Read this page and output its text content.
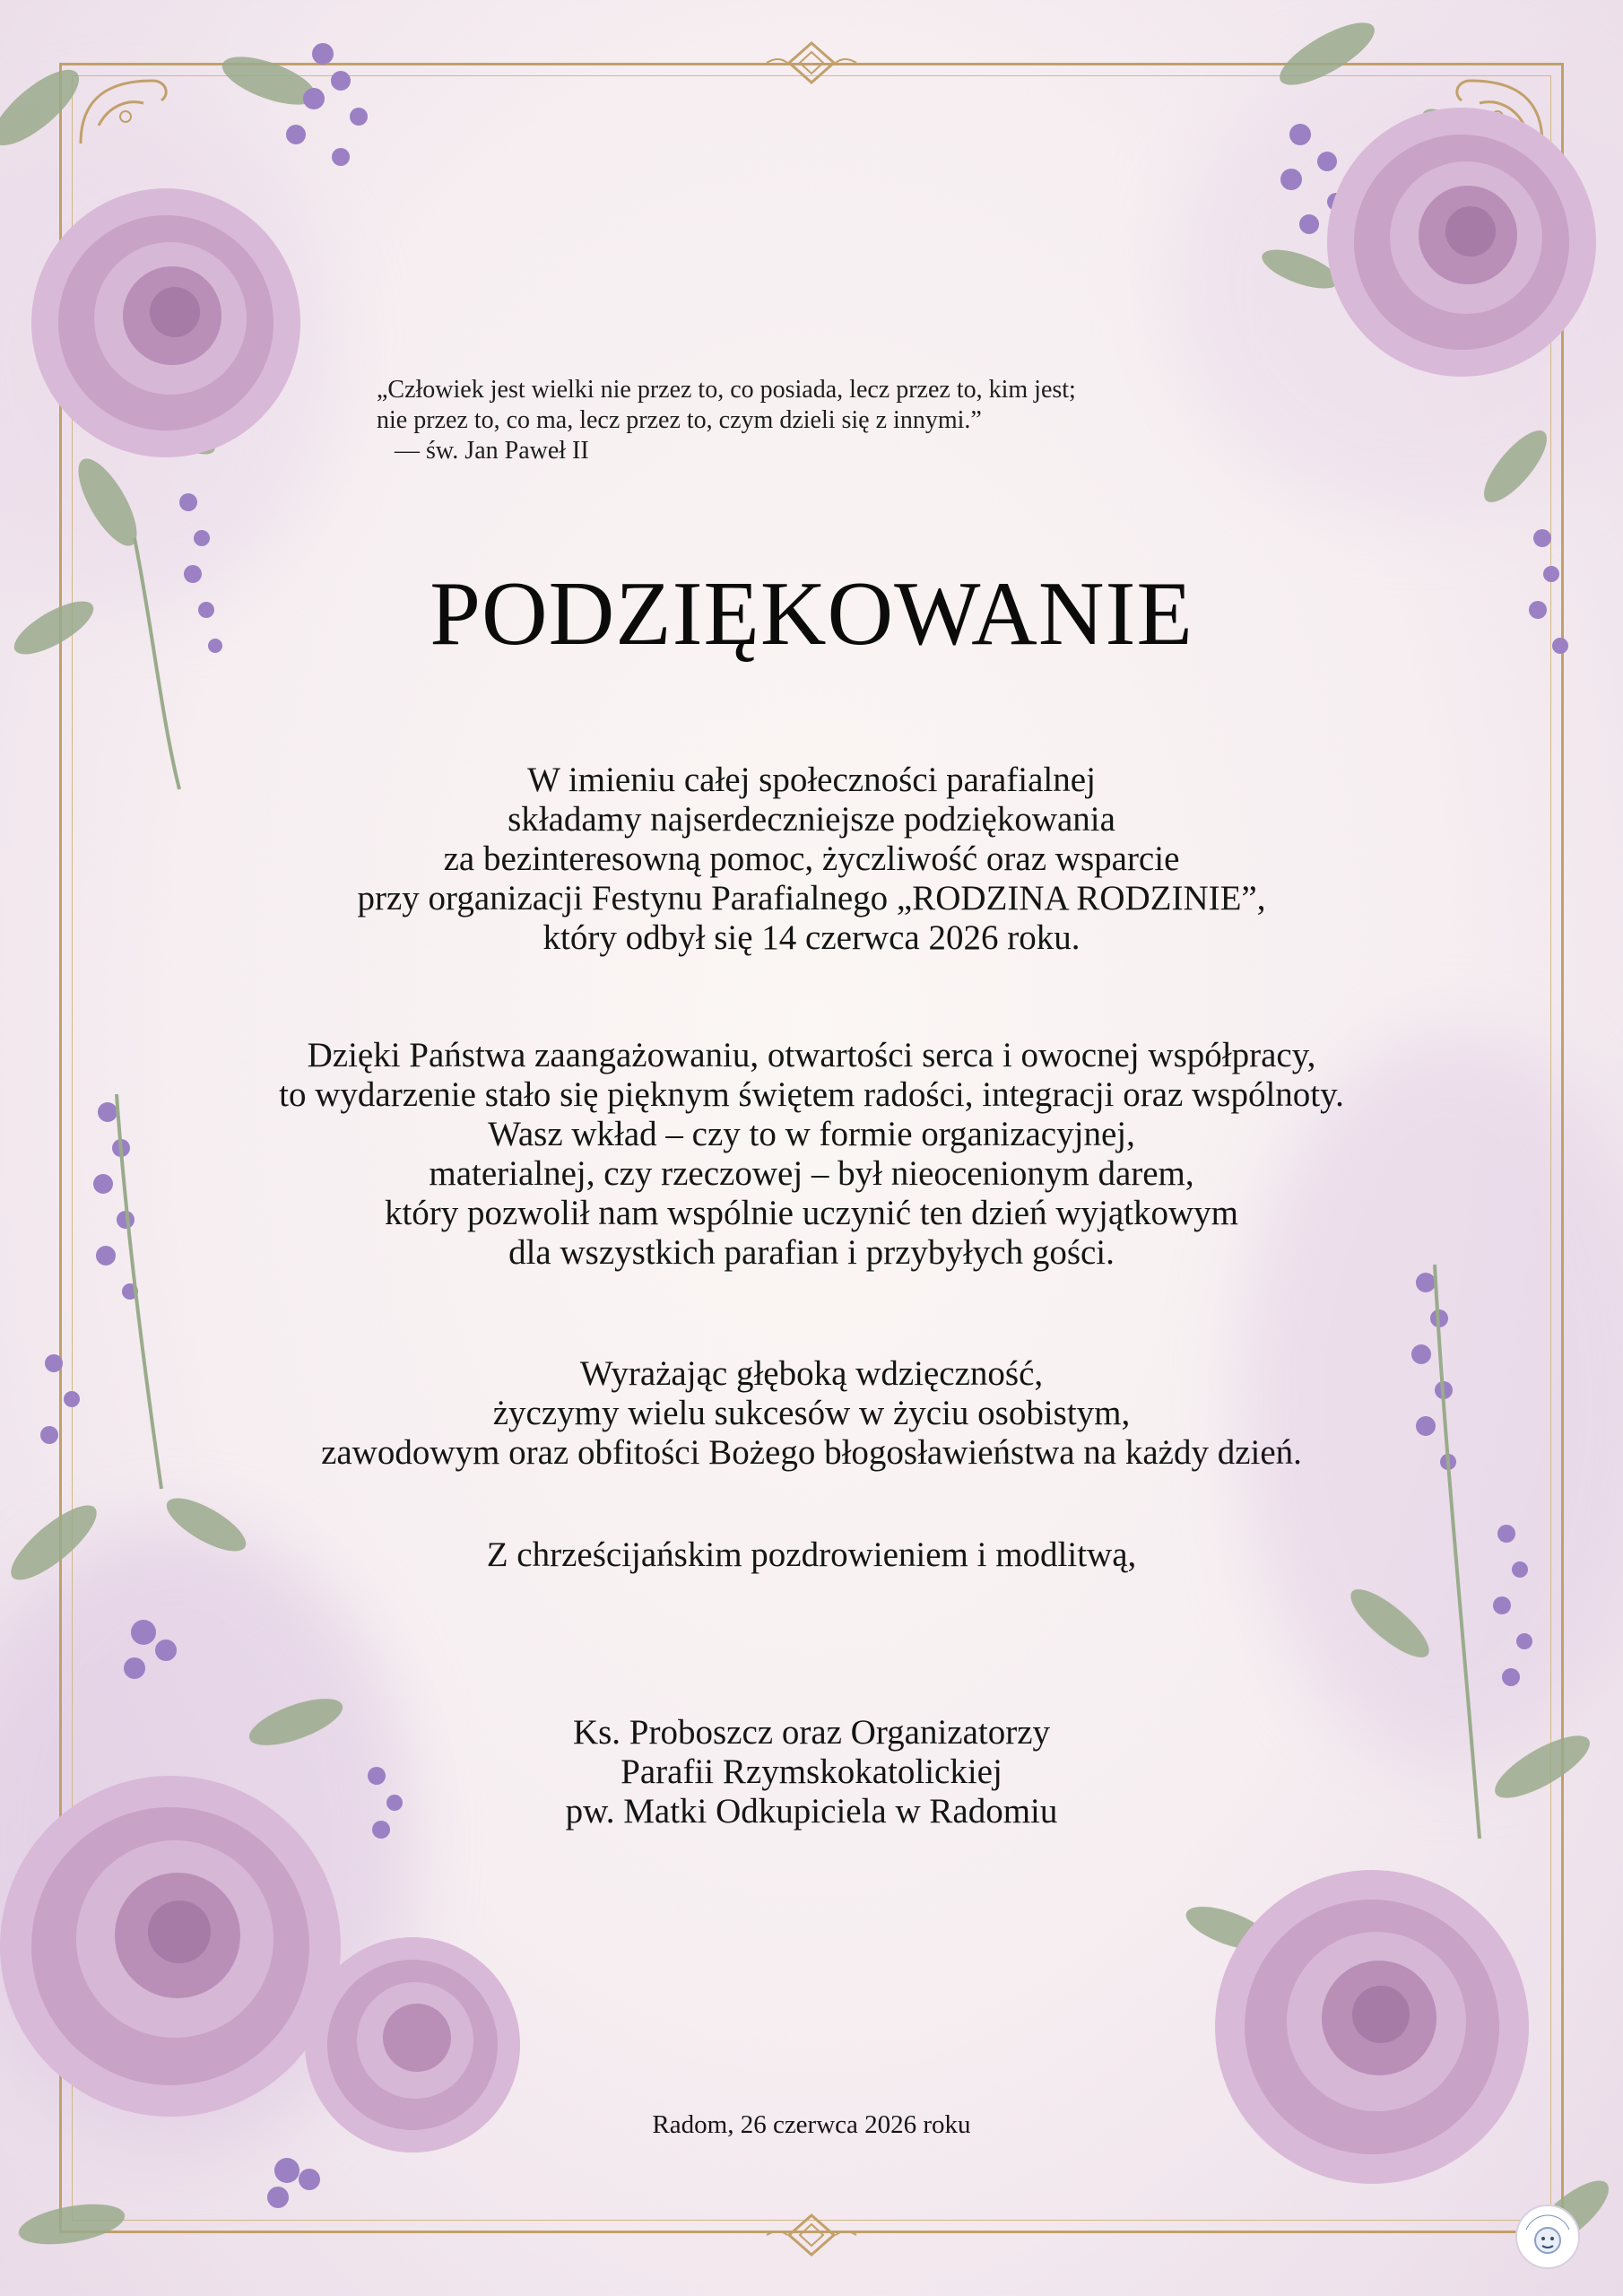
„Człowiek jest wielki nie przez to, co posiada, lecz przez to, kim jest;
nie przez to, co ma, lecz przez to, czym dzieli się z innymi.”
— św. Jan Paweł II
PODZIĘKOWANIE
W imieniu całej społeczności parafialnej
składamy najserdeczniejsze podziękowania
za bezinteresowną pomoc, życzliwość oraz wsparcie
przy organizacji Festynu Parafialnego „RODZINA RODZINIE”,
który odbył się 14 czerwca 2026 roku.
Dzięki Państwa zaangażowaniu, otwartości serca i owocnej współpracy,
to wydarzenie stało się pięknym świętem radości, integracji oraz wspólnoty.
Wasz wkład – czy to w formie organizacyjnej,
materialnej, czy rzeczowej – był nieocenionym darem,
który pozwolił nam wspólnie uczynić ten dzień wyjątkowym
dla wszystkich parafian i przybyłych gości.
Wyrażając głęboką wdzięczność,
życzymy wielu sukcesów w życiu osobistym,
zawodowym oraz obfitości Bożego błogosławieństwa na każdy dzień.
Z chrześcijańskim pozdrowieniem i modlitwą,
Ks. Proboszcz oraz Organizatorzy
Parafii Rzymskokatolickiej
pw. Matki Odkupiciela w Radomiu
Radom, 26 czerwca 2026 roku
